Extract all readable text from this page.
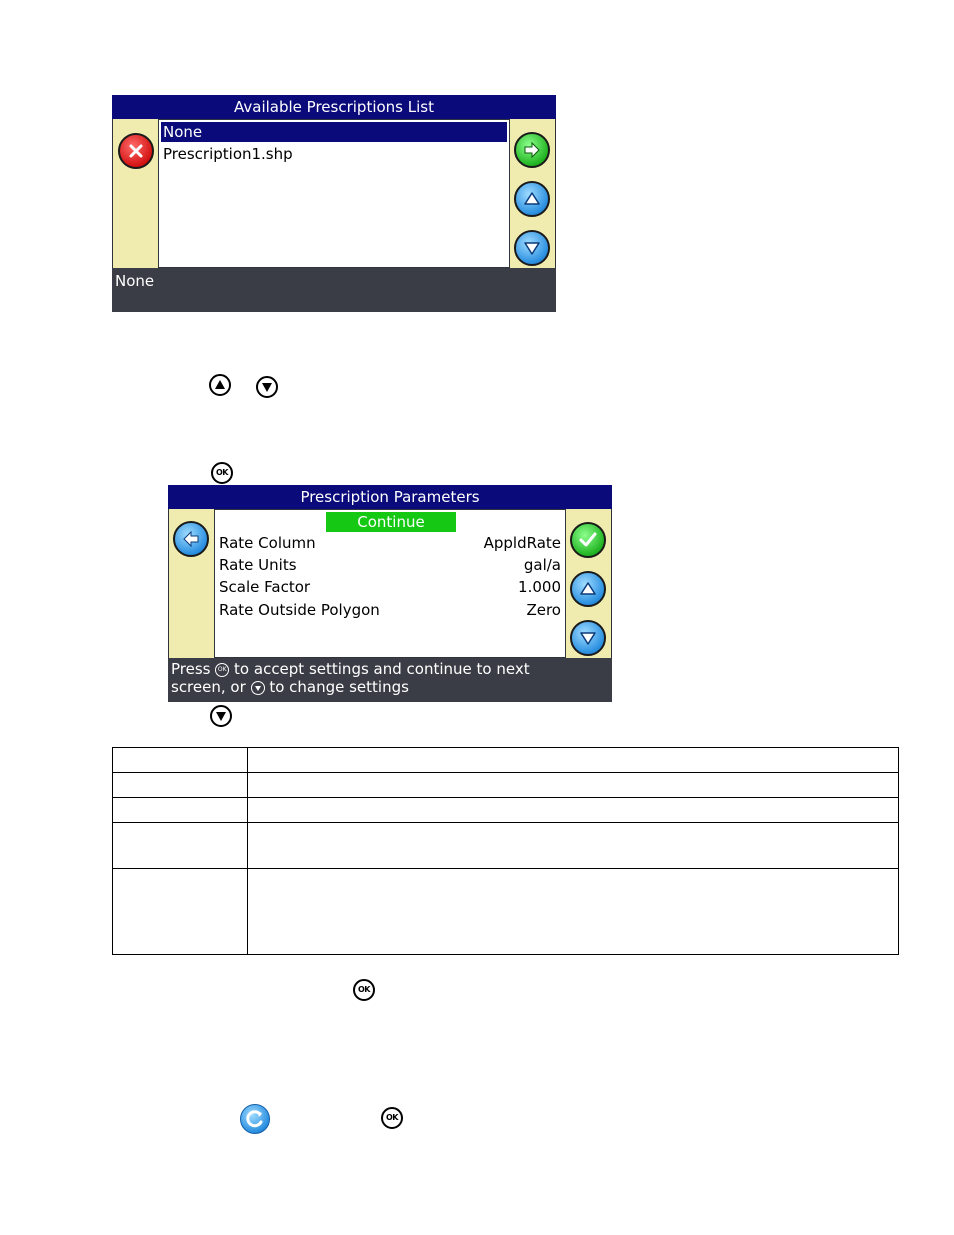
Available Prescriptions List
None
Prescription1.shp
None
OK
Prescription Parameters
Continue
Rate Column	AppldRate
Rate Units	gal/a
Scale Factor	1.000
Rate Outside Polygon	Zero
Press OK to accept settings and continue to next
screen, or to change settings

OK
OK
